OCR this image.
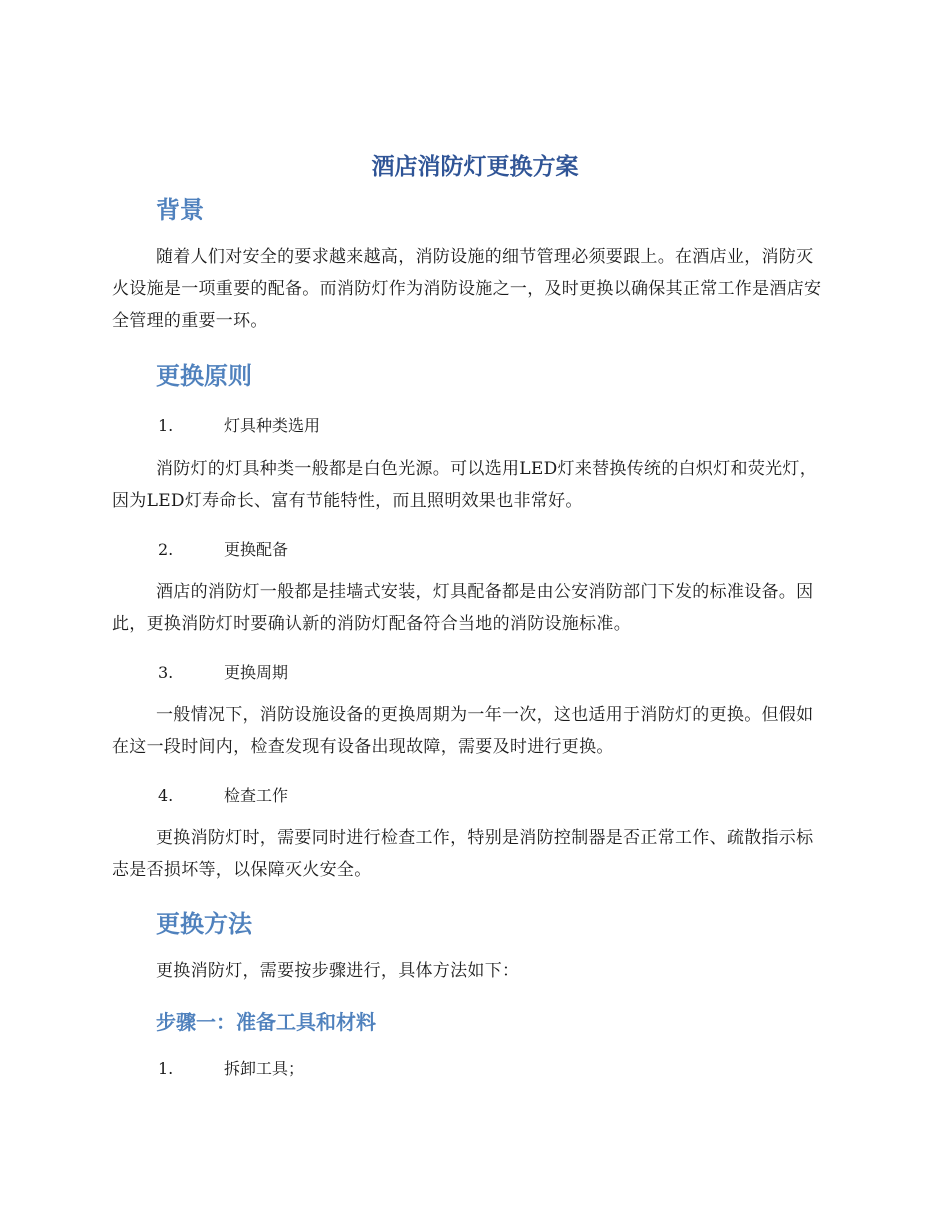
酒店消防灯更换方案
背景

随着人们对安全的要求越来越高，消防设施的细节管理必须要跟上。在酒店业，消防灭火设施是一项重要的配备。而消防灯作为消防设施之一，及时更换以确保其正常工作是酒店安全管理的重要一环。

更换原则
1.	灯具种类选用

消防灯的灯具种类一般都是白色光源。可以选用LED灯来替换传统的白炽灯和荧光灯，因为LED灯寿命长、富有节能特性，而且照明效果也非常好。

2.	更换配备

酒店的消防灯一般都是挂墙式安装，灯具配备都是由公安消防部门下发的标准设备。因此，更换消防灯时要确认新的消防灯配备符合当地的消防设施标准。

3.	更换周期

一般情况下，消防设施设备的更换周期为一年一次，这也适用于消防灯的更换。但假如在这一段时间内，检查发现有设备出现故障，需要及时进行更换。

4.	检查工作

更换消防灯时，需要同时进行检查工作，特别是消防控制器是否正常工作、疏散指示标志是否损坏等，以保障灭火安全。

更换方法

更换消防灯，需要按步骤进行，具体方法如下：

步骤一：准备工具和材料
1.	拆卸工具；
